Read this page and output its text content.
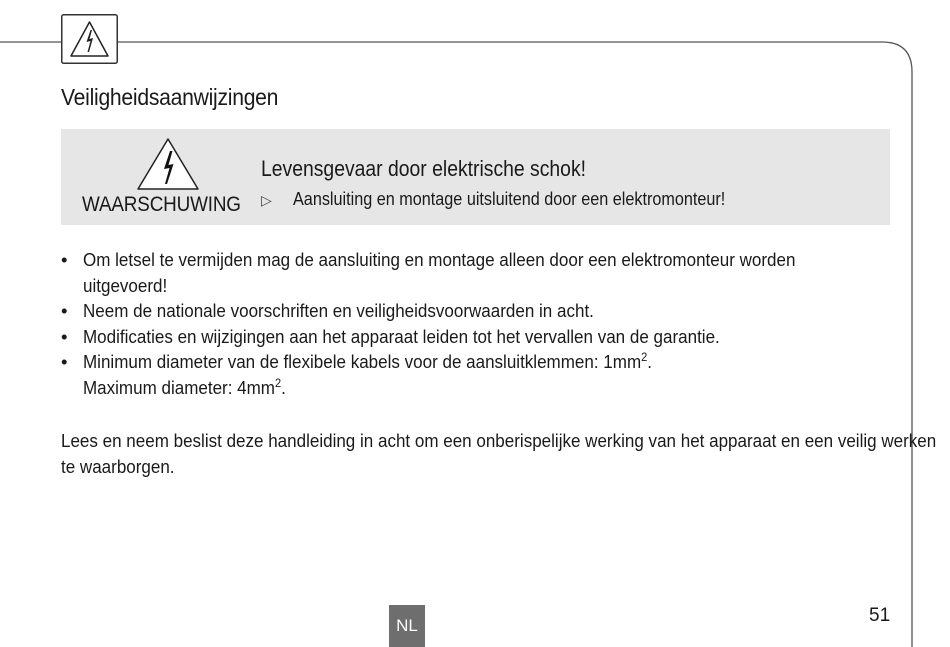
Veiligheidsaanwijzingen
WAARSCHUWING
Levensgevaar door elektrische schok!
▷ Aansluiting en montage uitsluitend door een elektromonteur!
• Om letsel te vermijden mag de aansluiting en montage alleen door een elektromonteur worden
uitgevoerd!
• Neem de nationale voorschriften en veiligheidsvoorwaarden in acht.
• Modificaties en wijzigingen aan het apparaat leiden tot het vervallen van de garantie.
• Minimum diameter van de flexibele kabels voor de aansluitklemmen: $1mm^2$.
Maximum diameter: $4mm^2$.
Lees en neem beslist deze handleiding in acht om een onberispelijke werking van het apparaat en een veilig werken te waarborgen.
NL	51
